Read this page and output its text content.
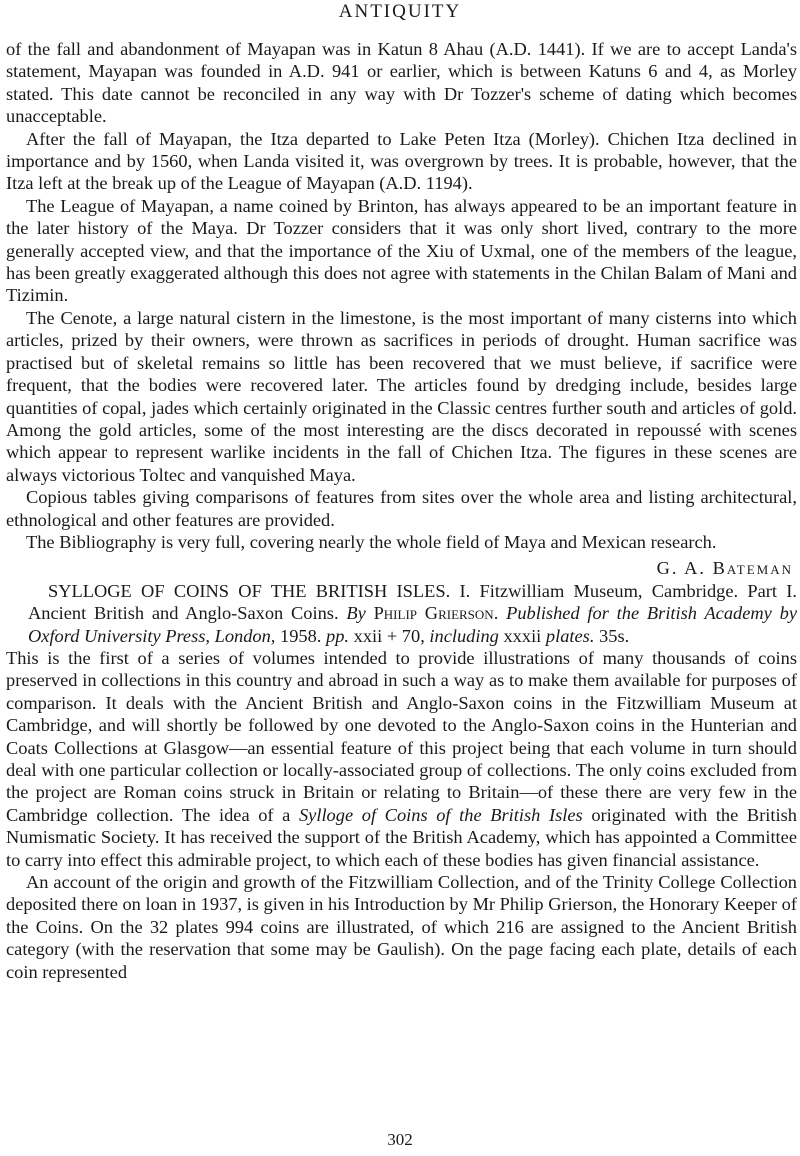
ANTIQUITY

of the fall and abandonment of Mayapan was in Katun 8 Ahau (A.D. 1441). If we are to accept Landa's statement, Mayapan was founded in A.D. 941 or earlier, which is between Katuns 6 and 4, as Morley stated. This date cannot be reconciled in any way with Dr Tozzer's scheme of dating which becomes unacceptable.

After the fall of Mayapan, the Itza departed to Lake Peten Itza (Morley). Chichen Itza declined in importance and by 1560, when Landa visited it, was overgrown by trees. It is probable, however, that the Itza left at the break up of the League of Mayapan (A.D. 1194).

The League of Mayapan, a name coined by Brinton, has always appeared to be an important feature in the later history of the Maya. Dr Tozzer considers that it was only short lived, contrary to the more generally accepted view, and that the importance of the Xiu of Uxmal, one of the members of the league, has been greatly exaggerated although this does not agree with statements in the Chilan Balam of Mani and Tizimin.

The Cenote, a large natural cistern in the limestone, is the most important of many cisterns into which articles, prized by their owners, were thrown as sacrifices in periods of drought. Human sacrifice was practised but of skeletal remains so little has been recovered that we must believe, if sacrifice were frequent, that the bodies were recovered later. The articles found by dredging include, besides large quantities of copal, jades which certainly originated in the Classic centres further south and articles of gold. Among the gold articles, some of the most interesting are the discs decorated in repoussé with scenes which appear to represent warlike incidents in the fall of Chichen Itza. The figures in these scenes are always victorious Toltec and vanquished Maya.

Copious tables giving comparisons of features from sites over the whole area and listing architectural, ethnological and other features are provided.

The Bibliography is very full, covering nearly the whole field of Maya and Mexican research.

G. A. Bateman

SYLLOGE OF COINS OF THE BRITISH ISLES. I. Fitzwilliam Museum, Cambridge. Part I. Ancient British and Anglo-Saxon Coins. By Philip Grierson. Published for the British Academy by Oxford University Press, London, 1958. pp. xxii + 70, including xxxii plates. 35s.

This is the first of a series of volumes intended to provide illustrations of many thousands of coins preserved in collections in this country and abroad in such a way as to make them available for purposes of comparison. It deals with the Ancient British and Anglo-Saxon coins in the Fitzwilliam Museum at Cambridge, and will shortly be followed by one devoted to the Anglo-Saxon coins in the Hunterian and Coats Collections at Glasgow—an essential feature of this project being that each volume in turn should deal with one particular collection or locally-associated group of collections. The only coins excluded from the project are Roman coins struck in Britain or relating to Britain—of these there are very few in the Cambridge collection. The idea of a Sylloge of Coins of the British Isles originated with the British Numismatic Society. It has received the support of the British Academy, which has appointed a Committee to carry into effect this admirable project, to which each of these bodies has given financial assistance.

An account of the origin and growth of the Fitzwilliam Collection, and of the Trinity College Collection deposited there on loan in 1937, is given in his Introduction by Mr Philip Grierson, the Honorary Keeper of the Coins. On the 32 plates 994 coins are illustrated, of which 216 are assigned to the Ancient British category (with the reservation that some may be Gaulish). On the page facing each plate, details of each coin represented

302
